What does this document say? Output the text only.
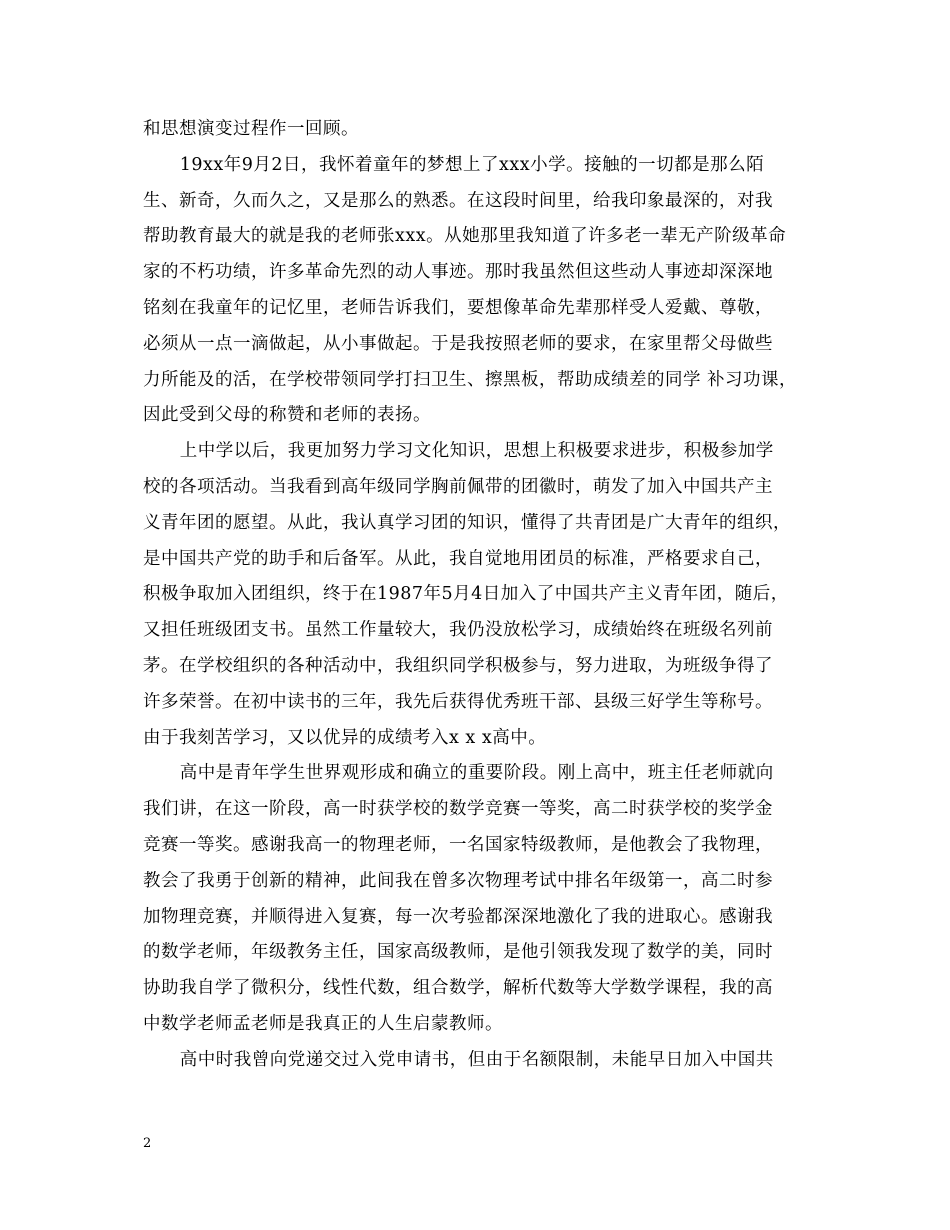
和思想演变过程作一回顾。

19xx年9月2日，我怀着童年的梦想上了xxx小学。接触的一切都是那么陌
生、新奇，久而久之，又是那么的熟悉。在这段时间里，给我印象最深的，对我
帮助教育最大的就是我的老师张xxx。从她那里我知道了许多老一辈无产阶级革命
家的不朽功绩，许多革命先烈的动人事迹。那时我虽然但这些动人事迹却深深地
铭刻在我童年的记忆里，老师告诉我们，要想像革命先辈那样受人爱戴、尊敬，
必须从一点一滴做起，从小事做起。于是我按照老师的要求，在家里帮父母做些
力所能及的活，在学校带领同学打扫卫生、擦黑板，帮助成绩差的同学 补习功课，
因此受到父母的称赞和老师的表扬。

上中学以后，我更加努力学习文化知识，思想上积极要求进步，积极参加学
校的各项活动。当我看到高年级同学胸前佩带的团徽时，萌发了加入中国共产主
义青年团的愿望。从此，我认真学习团的知识，懂得了共青团是广大青年的组织，
是中国共产党的助手和后备军。从此，我自觉地用团员的标准，严格要求自己，
积极争取加入团组织，终于在1987年5月4日加入了中国共产主义青年团，随后，
又担任班级团支书。虽然工作量较大，我仍没放松学习，成绩始终在班级名列前
茅。在学校组织的各种活动中，我组织同学积极参与，努力进取，为班级争得了
许多荣誉。在初中读书的三年，我先后获得优秀班干部、县级三好学生等称号。
由于我刻苦学习，又以优异的成绩考入x x x高中。

高中是青年学生世界观形成和确立的重要阶段。刚上高中，班主任老师就向
我们讲，在这一阶段，高一时获学校的数学竞赛一等奖，高二时获学校的奖学金
竞赛一等奖。感谢我高一的物理老师，一名国家特级教师，是他教会了我物理，
教会了我勇于创新的精神，此间我在曾多次物理考试中排名年级第一，高二时参
加物理竞赛，并顺得进入复赛，每一次考验都深深地激化了我的进取心。感谢我
的数学老师，年级教务主任，国家高级教师，是他引领我发现了数学的美，同时
协助我自学了微积分，线性代数，组合数学，解析代数等大学数学课程，我的高
中数学老师孟老师是我真正的人生启蒙教师。

高中时我曾向党递交过入党申请书，但由于名额限制，未能早日加入中国共

2
